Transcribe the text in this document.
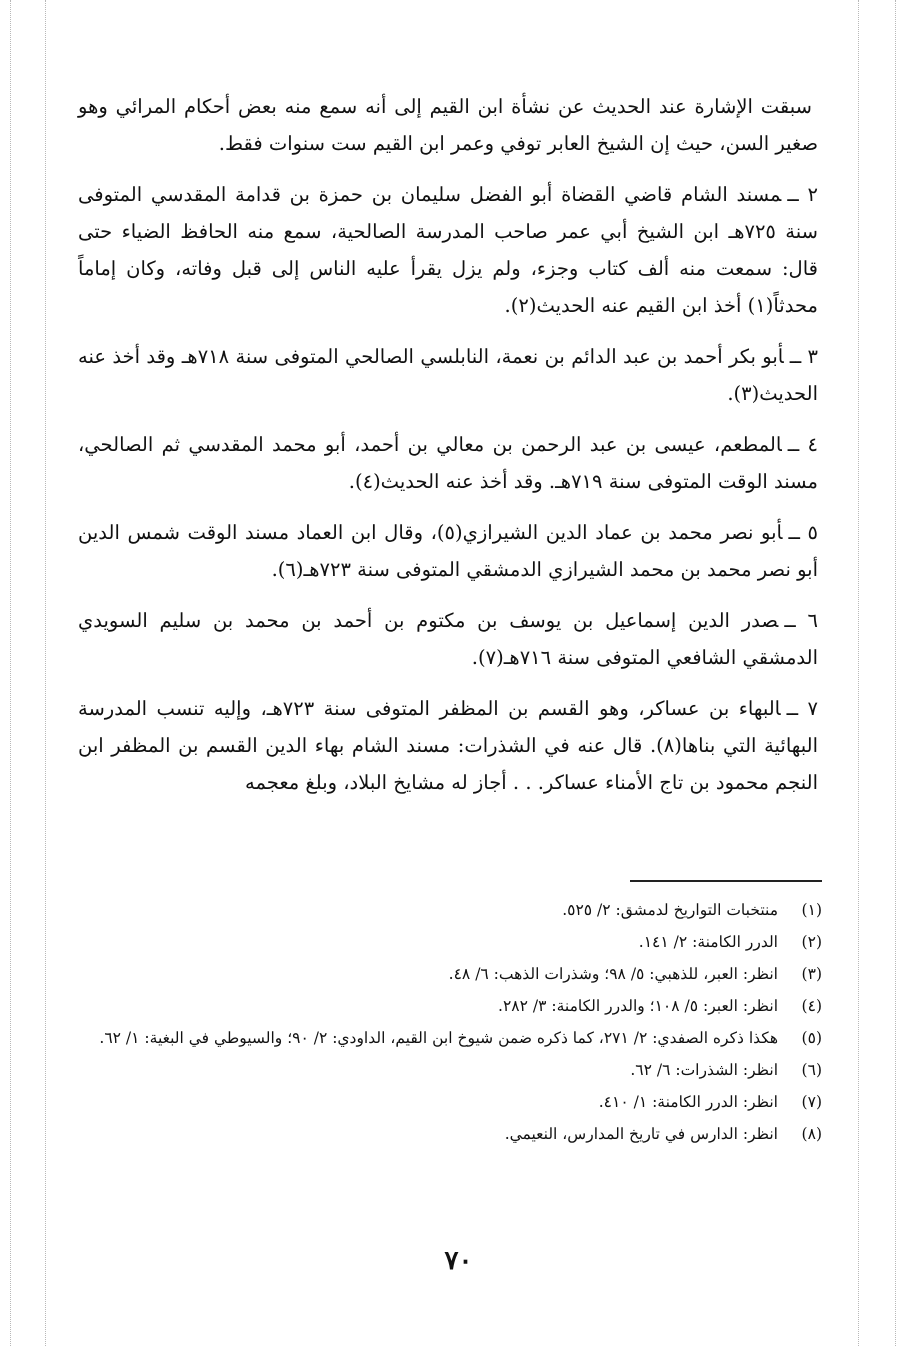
سبقت الإشارة عند الحديث عن نشأة ابن القيم إلى أنه سمع منه بعض أحكام المرائي وهو صغير السن، حيث إن الشيخ العابر توفي وعمر ابن القيم ست سنوات فقط.

٢ ــمسند الشام قاضي القضاة أبو الفضل سليمان بن حمزة بن قدامة المقدسي المتوفى سنة ٧٢٥هـ ابن الشيخ أبي عمر صاحب المدرسة الصالحية، سمع منه الحافظ الضياء حتى قال: سمعت منه ألف كتاب وجزء، ولم يزل يقرأ عليه الناس إلى قبل وفاته، وكان إماماً محدثاً(١) أخذ ابن القيم عنه الحديث(٢).

٣ ــأبو بكر أحمد بن عبد الدائم بن نعمة، النابلسي الصالحي المتوفى سنة ٧١٨هـ وقد أخذ عنه الحديث(٣).

٤ ــالمطعم، عيسى بن عبد الرحمن بن معالي بن أحمد، أبو محمد المقدسي ثم الصالحي، مسند الوقت المتوفى سنة ٧١٩هـ. وقد أخذ عنه الحديث(٤).

٥ ــأبو نصر محمد بن عماد الدين الشيرازي(٥)، وقال ابن العماد مسند الوقت شمس الدين أبو نصر محمد بن محمد الشيرازي الدمشقي المتوفى سنة ٧٢٣هـ(٦).

٦ ــصدر الدين إسماعيل بن يوسف بن مكتوم بن أحمد بن محمد بن سليم السويدي الدمشقي الشافعي المتوفى سنة ٧١٦هـ(٧).

٧ ــالبهاء بن عساكر، وهو القسم بن المظفر المتوفى سنة ٧٢٣هـ، وإليه تنسب المدرسة البهائية التي بناها(٨). قال عنه في الشذرات: مسند الشام بهاء الدين القسم بن المظفر ابن النجم محمود بن تاج الأمناء عساكر. . . أجاز له مشايخ البلاد، وبلغ معجمه

(١)
منتخبات التواريخ لدمشق: ٢/ ٥٢٥.
(٢)
الدرر الكامنة: ٢/ ١٤١.
(٣)
انظر: العبر، للذهبي: ٥/ ٩٨؛ وشذرات الذهب: ٦/ ٤٨.
(٤)
انظر: العبر: ٥/ ١٠٨؛ والدرر الكامنة: ٣/ ٢٨٢.
(٥)
هكذا ذكره الصفدي: ٢/ ٢٧١، كما ذكره ضمن شيوخ ابن القيم، الداودي: ٢/ ٩٠؛ والسيوطي في البغية: ١/ ٦٢.
(٦)
انظر: الشذرات: ٦/ ٦٢.
(٧)
انظر: الدرر الكامنة: ١/ ٤١٠.
(٨)
انظر: الدارس في تاريخ المدارس، النعيمي.
٧٠
